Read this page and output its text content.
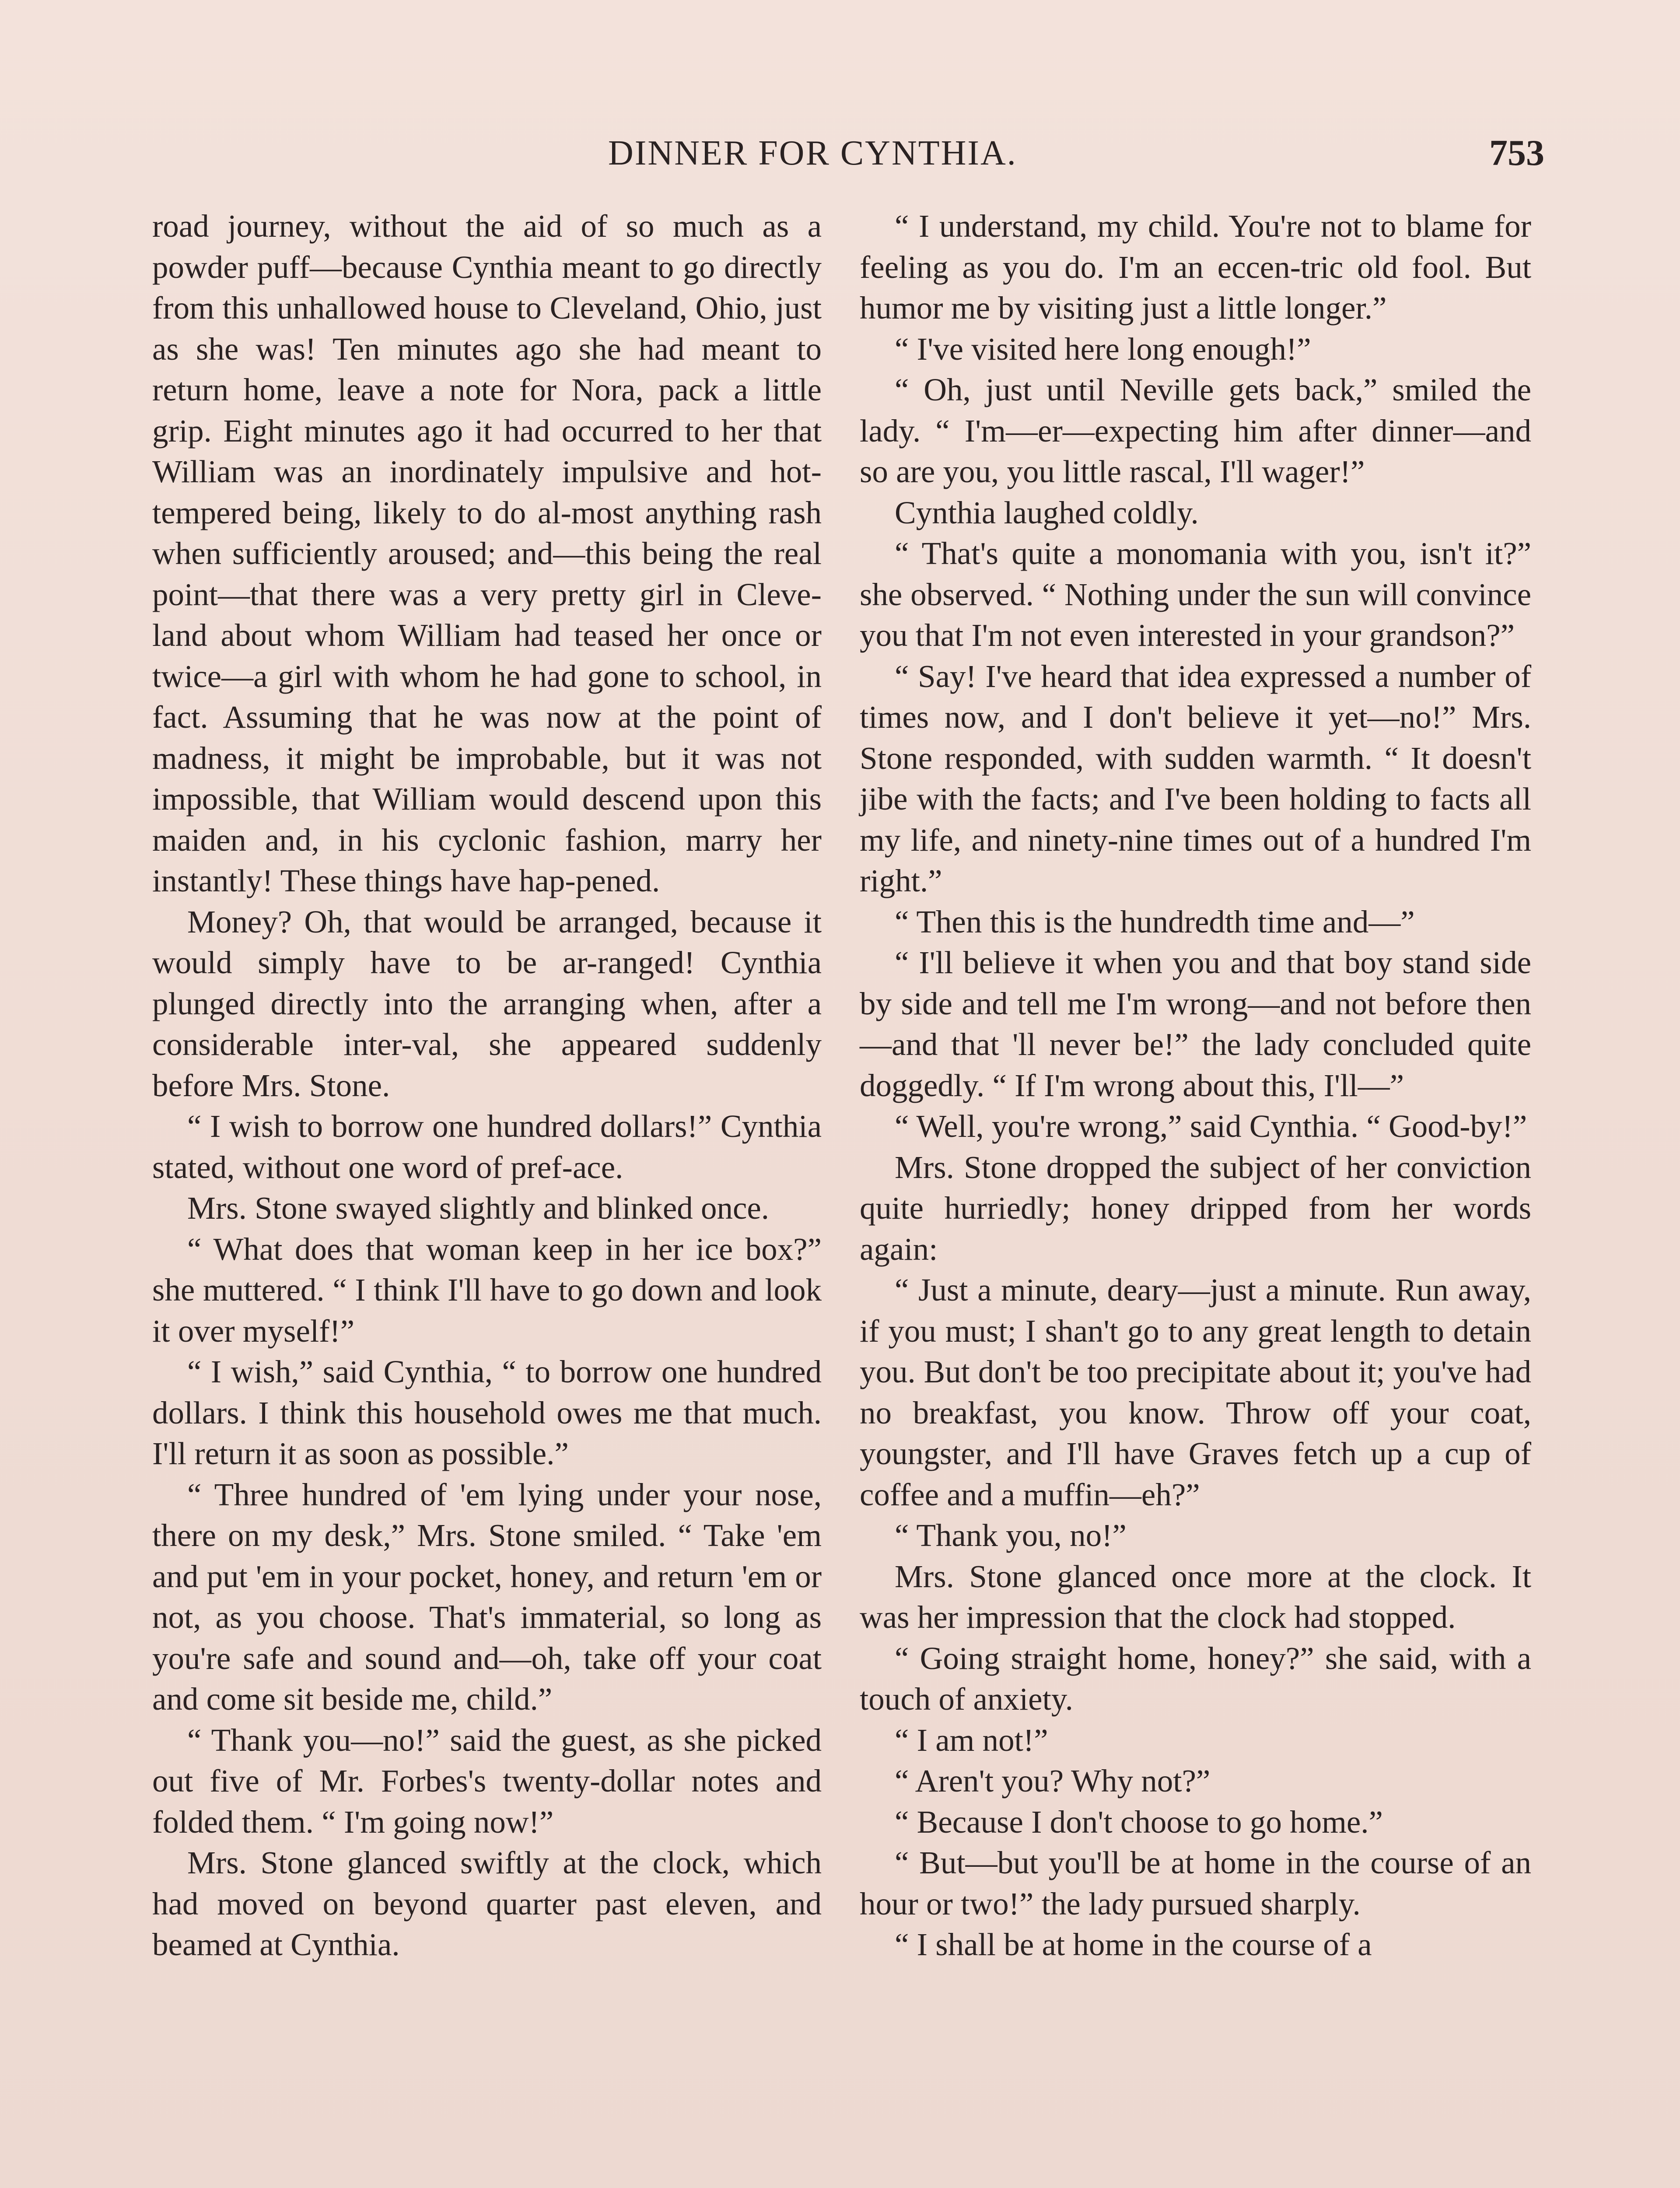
DINNER FOR CYNTHIA.	753

road journey, without the aid of so much as a powder puff—because Cynthia meant to go directly from this unhallowed house to Cleveland, Ohio, just as she was! Ten minutes ago she had meant to return home, leave a note for Nora, pack a little grip. Eight minutes ago it had occurred to her that William was an inordinately impulsive and hot-tempered being, likely to do al-most anything rash when sufficiently aroused; and—this being the real point—that there was a very pretty girl in Cleve-land about whom William had teased her once or twice—a girl with whom he had gone to school, in fact. Assuming that he was now at the point of madness, it might be improbable, but it was not impossible, that William would descend upon this maiden and, in his cyclonic fashion, marry her instantly! These things have hap-pened.

Money? Oh, that would be arranged, because it would simply have to be ar-ranged! Cynthia plunged directly into the arranging when, after a considerable inter-val, she appeared suddenly before Mrs. Stone.

“ I wish to borrow one hundred dollars!” Cynthia stated, without one word of pref-ace.

Mrs. Stone swayed slightly and blinked once.

“ What does that woman keep in her ice box?” she muttered. “ I think I'll have to go down and look it over myself!”

“ I wish,” said Cynthia, “ to borrow one hundred dollars. I think this household owes me that much. I'll return it as soon as possible.”

“ Three hundred of 'em lying under your nose, there on my desk,” Mrs. Stone smiled. “ Take 'em and put 'em in your pocket, honey, and return 'em or not, as you choose. That's immaterial, so long as you're safe and sound and—oh, take off your coat and come sit beside me, child.”

“ Thank you—no!” said the guest, as she picked out five of Mr. Forbes's twenty-dollar notes and folded them. “ I'm going now!”

Mrs. Stone glanced swiftly at the clock, which had moved on beyond quarter past eleven, and beamed at Cynthia.

“ I understand, my child. You're not to blame for feeling as you do. I'm an eccen-tric old fool. But humor me by visiting just a little longer.”

“ I've visited here long enough!”

“ Oh, just until Neville gets back,” smiled the lady. “ I'm—er—expecting him after dinner—and so are you, you little rascal, I'll wager!”

Cynthia laughed coldly.

“ That's quite a monomania with you, isn't it?” she observed. “ Nothing under the sun will convince you that I'm not even interested in your grandson?”

“ Say! I've heard that idea expressed a number of times now, and I don't believe it yet—no!” Mrs. Stone responded, with sudden warmth. “ It doesn't jibe with the facts; and I've been holding to facts all my life, and ninety-nine times out of a hundred I'm right.”

“ Then this is the hundredth time and—”

“ I'll believe it when you and that boy stand side by side and tell me I'm wrong—and not before then—and that 'll never be!” the lady concluded quite doggedly. “ If I'm wrong about this, I'll—”

“ Well, you're wrong,” said Cynthia. “ Good-by!”

Mrs. Stone dropped the subject of her conviction quite hurriedly; honey dripped from her words again:

“ Just a minute, deary—just a minute. Run away, if you must; I shan't go to any great length to detain you. But don't be too precipitate about it; you've had no breakfast, you know. Throw off your coat, youngster, and I'll have Graves fetch up a cup of coffee and a muffin—eh?”

“ Thank you, no!”

Mrs. Stone glanced once more at the clock. It was her impression that the clock had stopped.

“ Going straight home, honey?” she said, with a touch of anxiety.

“ I am not!”

“ Aren't you? Why not?”

“ Because I don't choose to go home.”

“ But—but you'll be at home in the course of an hour or two!” the lady pursued sharply.

“ I shall be at home in the course of a
